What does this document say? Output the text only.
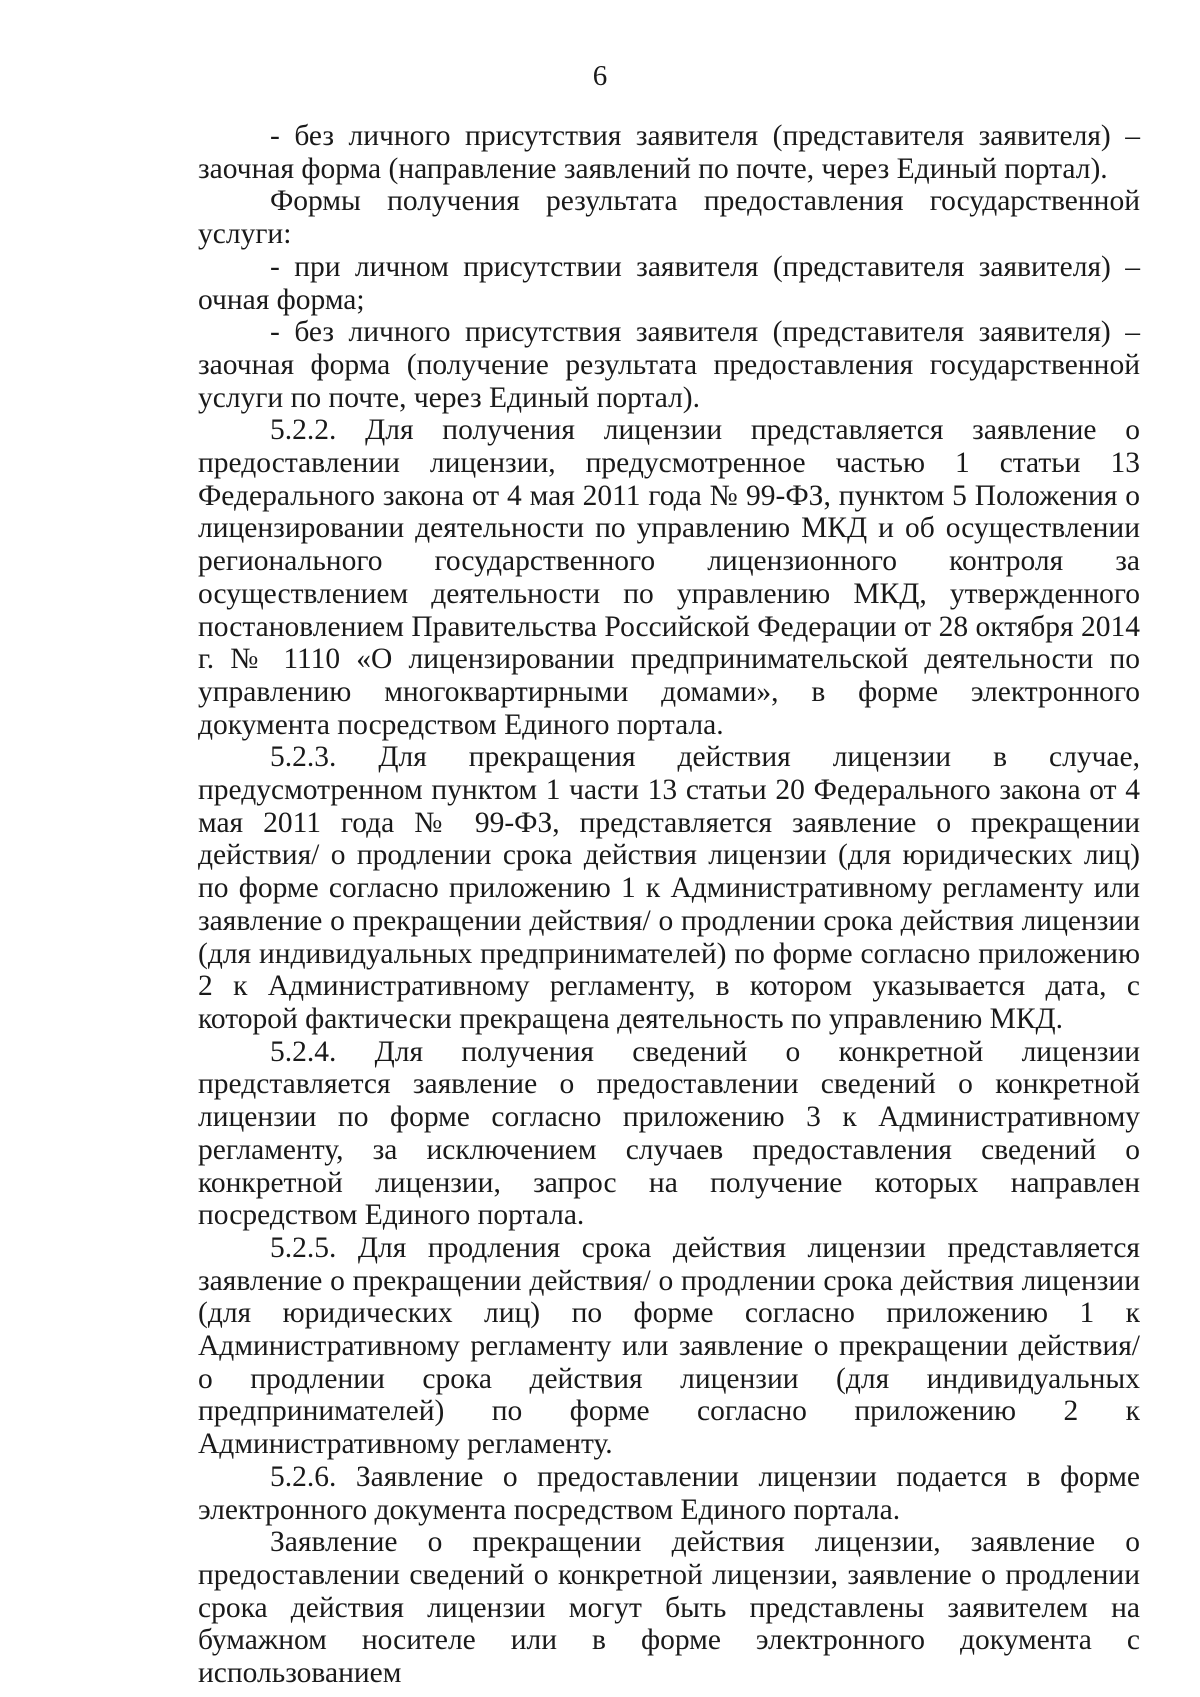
6

- без личного присутствия заявителя (представителя заявителя) – заочная форма (направление заявлений по почте, через Единый портал).

Формы получения результата предоставления государственной услуги:

- при личном присутствии заявителя (представителя заявителя) – очная форма;

- без личного присутствия заявителя (представителя заявителя) – заочная форма (получение результата предоставления государственной услуги по почте, через Единый портал).

5.2.2. Для получения лицензии представляется заявление о предоставлении лицензии, предусмотренное частью 1 статьи 13 Федерального закона от 4 мая 2011 года № 99-ФЗ, пунктом 5 Положения о лицензировании деятельности по управлению МКД и об осуществлении регионального государственного лицензионного контроля за осуществлением деятельности по управлению МКД, утвержденного постановлением Правительства Российской Федерации от 28 октября 2014 г. № 1110 «О лицензировании предпринимательской деятельности по управлению многоквартирными домами», в форме электронного документа посредством Единого портала.

5.2.3. Для прекращения действия лицензии в случае, предусмотренном пунктом 1 части 13 статьи 20 Федерального закона от 4 мая 2011 года № 99-ФЗ, представляется заявление о прекращении действия/ о продлении срока действия лицензии (для юридических лиц) по форме согласно приложению 1 к Административному регламенту или заявление о прекращении действия/ о продлении срока действия лицензии (для индивидуальных предпринимателей) по форме согласно приложению 2 к Административному регламенту, в котором указывается дата, с которой фактически прекращена деятельность по управлению МКД.

5.2.4. Для получения сведений о конкретной лицензии представляется заявление о предоставлении сведений о конкретной лицензии по форме согласно приложению 3 к Административному регламенту, за исключением случаев предоставления сведений о конкретной лицензии, запрос на получение которых направлен посредством Единого портала.

5.2.5. Для продления срока действия лицензии представляется заявление о прекращении действия/ о продлении срока действия лицензии (для юридических лиц) по форме согласно приложению 1 к Административному регламенту или заявление о прекращении действия/ о продлении срока действия лицензии (для индивидуальных предпринимателей) по форме согласно приложению 2 к Административному регламенту.

5.2.6. Заявление о предоставлении лицензии подается в форме электронного документа посредством Единого портала.

Заявление о прекращении действия лицензии, заявление о предоставлении сведений о конкретной лицензии, заявление о продлении срока действия лицензии могут быть представлены заявителем на бумажном носителе или в форме электронного документа с использованием
